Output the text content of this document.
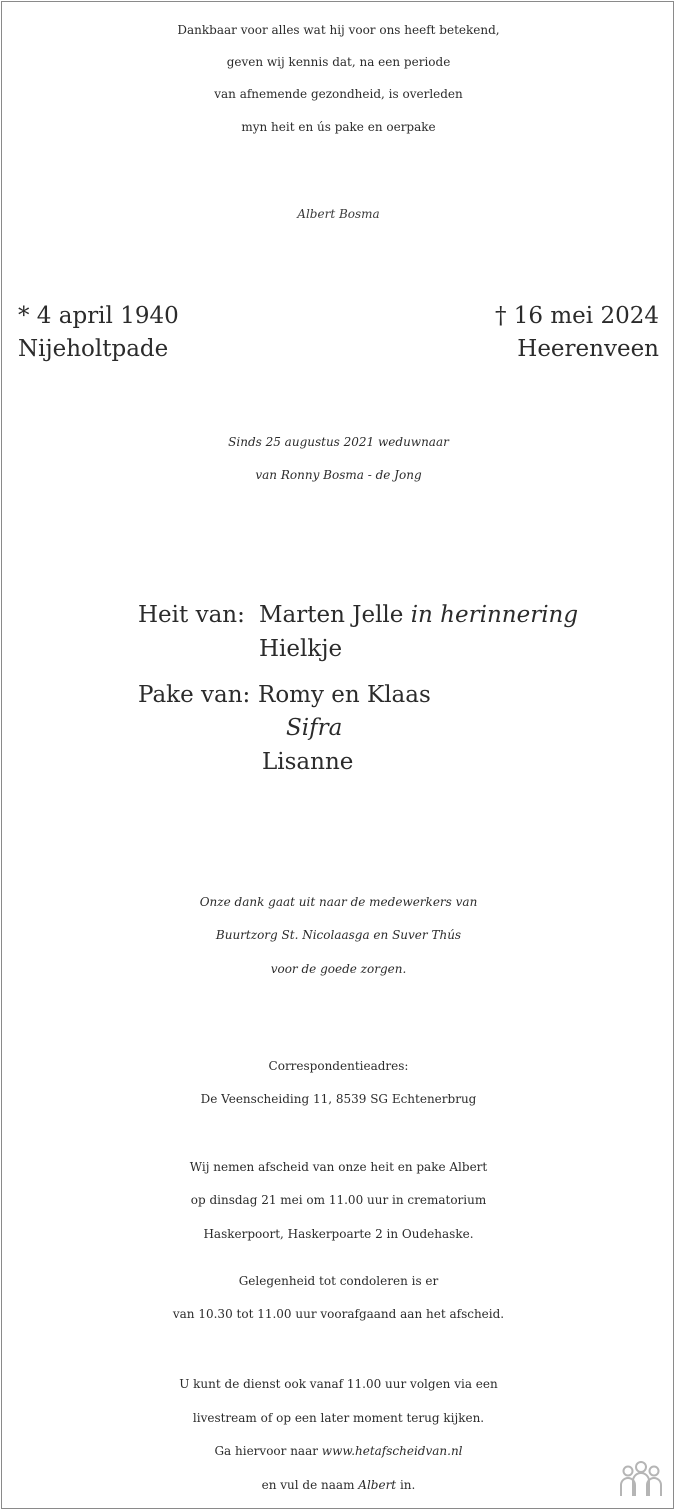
Dankbaar voor alles wat hij voor ons heeft betekend,
geven wij kennis dat, na een periode
van afnemende gezondheid, is overleden
myn heit en ús pake en oerpake
Albert Bosma
* 4 april 1940
Nijeholtpade
† 16 mei 2024
Heerenveen
Sinds 25 augustus 2021 weduwnaar
van Ronny Bosma - de Jong
Heit van: Marten Jelle in herinnering
Hielkje
Pake van: Romy en Klaas
Sifra
Lisanne
Onze dank gaat uit naar de medewerkers van
Buurtzorg St. Nicolaasga en Suver Thús
voor de goede zorgen.
Correspondentieadres:
De Veenscheiding 11, 8539 SG Echtenerbrug
Wij nemen afscheid van onze heit en pake Albert
op dinsdag 21 mei om 11.00 uur in crematorium
Haskerpoort, Haskerpoarte 2 in Oudehaske.
Gelegenheid tot condoleren is er
van 10.30 tot 11.00 uur voorafgaand aan het afscheid.
U kunt de dienst ook vanaf 11.00 uur volgen via een
livestream of op een later moment terug kijken.
Ga hiervoor naar www.hetafscheidvan.nl
en vul de naam Albert in.
